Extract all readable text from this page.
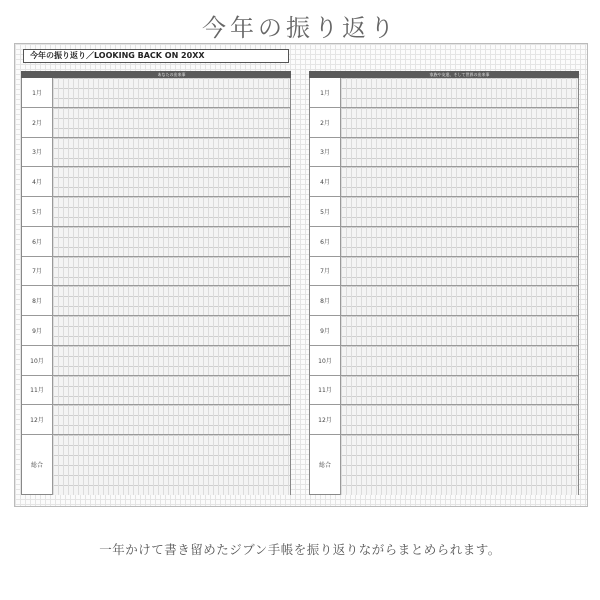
今年の振り返り
今年の振り返り／LOOKING BACK ON 20XX
あなたの出来事
1月
2月
3月
4月
5月
6月
7月
8月
9月
10月
11月
12月
総合
家族や友達、そして世界の出来事
1月
2月
3月
4月
5月
6月
7月
8月
9月
10月
11月
12月
総合
一年かけて書き留めたジブン手帳を振り返りながらまとめられます。
